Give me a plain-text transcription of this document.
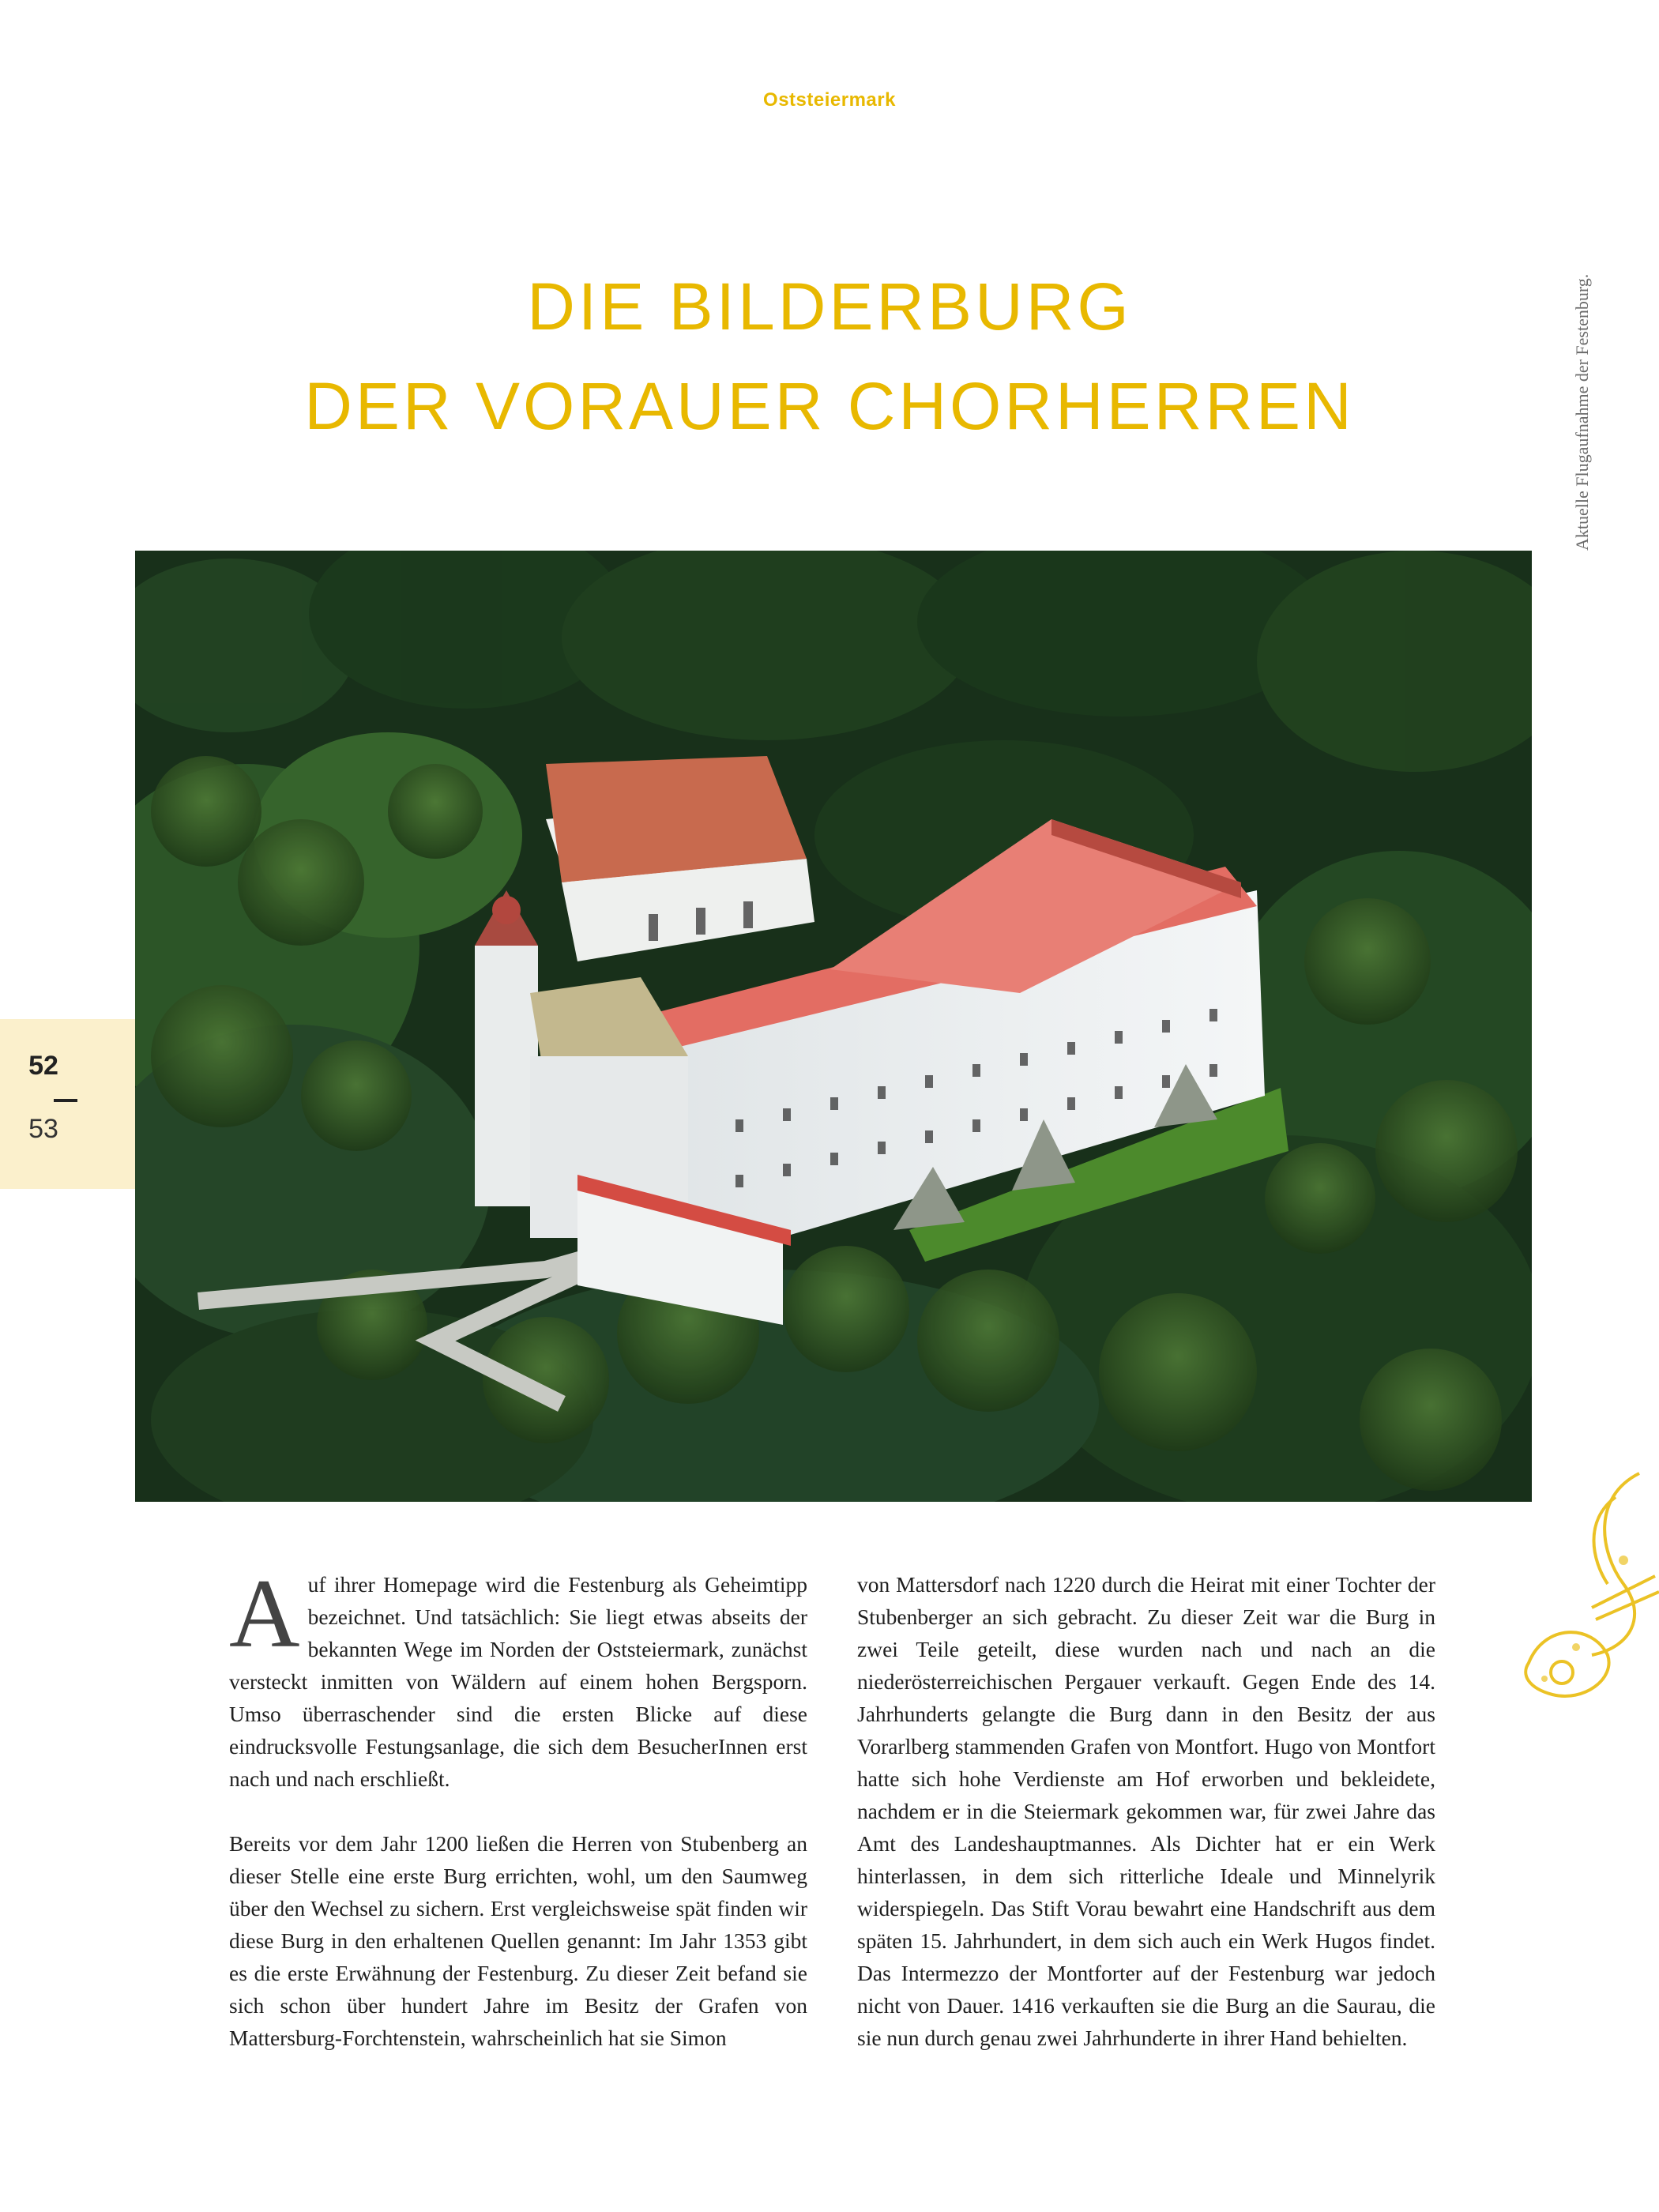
Oststeiermark
DIE BILDERBURG
DER VORAUER CHORHERREN	Aktuelle Flugaufnahme der Festenburg.
52
53

Auf ihrer Homepage wird die Festenburg als Geheimtipp bezeichnet. Und tatsächlich: Sie liegt etwas abseits der bekannten Wege im Norden der Oststeiermark, zunächst versteckt inmitten von Wäldern auf einem hohen Bergsporn. Umso überraschender sind die ersten Blicke auf diese eindrucksvolle Festungsanlage, die sich dem BesucherInnen erst nach und nach erschließt.

Bereits vor dem Jahr 1200 ließen die Herren von Stubenberg an dieser Stelle eine erste Burg errichten, wohl, um den Saumweg über den Wechsel zu sichern. Erst vergleichsweise spät finden wir diese Burg in den erhaltenen Quellen genannt: Im Jahr 1353 gibt es die erste Erwähnung der Festenburg. Zu dieser Zeit befand sie sich schon über hundert Jahre im Besitz der Grafen von Mattersburg-Forchtenstein, wahrscheinlich hat sie Simon

von Mattersdorf nach 1220 durch die Heirat mit einer Tochter der Stubenberger an sich gebracht. Zu dieser Zeit war die Burg in zwei Teile geteilt, diese wurden nach und nach an die niederösterreichischen Pergauer verkauft. Gegen Ende des 14. Jahrhunderts gelangte die Burg dann in den Besitz der aus Vorarlberg stammenden Grafen von Montfort. Hugo von Montfort hatte sich hohe Verdienste am Hof erworben und bekleidete, nachdem er in die Steiermark gekommen war, für zwei Jahre das Amt des Landeshauptmannes. Als Dichter hat er ein Werk hinterlassen, in dem sich ritterliche Ideale und Minnelyrik widerspiegeln. Das Stift Vorau bewahrt eine Handschrift aus dem späten 15. Jahrhundert, in dem sich auch ein Werk Hugos findet. Das Intermezzo der Montforter auf der Festenburg war jedoch nicht von Dauer. 1416 verkauften sie die Burg an die Saurau, die sie nun durch genau zwei Jahrhunderte in ihrer Hand behielten.
